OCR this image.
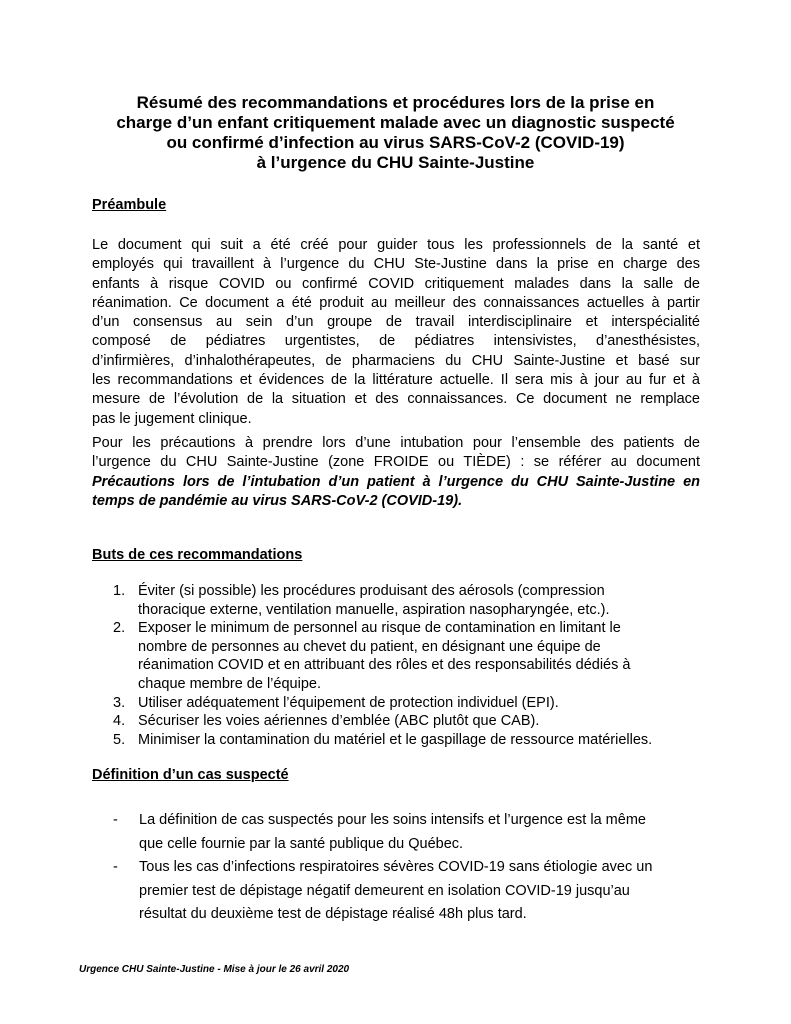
Résumé des recommandations et procédures lors de la prise en
charge d’un enfant critiquement malade avec un diagnostic suspecté
ou confirmé d’infection au virus SARS-CoV-2 (COVID-19)
à l’urgence du CHU Sainte-Justine
Préambule
Le document qui suit a été créé pour guider tous les professionnels de la santé et
employés qui travaillent à l’urgence du CHU Ste-Justine dans la prise en charge des
enfants à risque COVID ou confirmé COVID critiquement malades dans la salle de
réanimation. Ce document a été produit au meilleur des connaissances actuelles à partir
d’un consensus au sein d’un groupe de travail interdisciplinaire et interspécialité
composé de pédiatres urgentistes, de pédiatres intensivistes, d’anesthésistes,
d’infirmières, d’inhalothérapeutes, de pharmaciens du CHU Sainte-Justine et basé sur
les recommandations et évidences de la littérature actuelle. Il sera mis à jour au fur et à
mesure de l’évolution de la situation et des connaissances. Ce document ne remplace
pas le jugement clinique.
Pour les précautions à prendre lors d’une intubation pour l’ensemble des patients de
l’urgence du CHU Sainte-Justine (zone FROIDE ou TIÈDE) : se référer au document
Précautions lors de l’intubation d’un patient à l’urgence du CHU Sainte-Justine en
temps de pandémie au virus SARS-CoV-2 (COVID-19).
Buts de ces recommandations
1. Éviter (si possible) les procédures produisant des aérosols (compression
thoracique externe, ventilation manuelle, aspiration nasopharyngée, etc.).
2. Exposer le minimum de personnel au risque de contamination en limitant le
nombre de personnes au chevet du patient, en désignant une équipe de
réanimation COVID et en attribuant des rôles et des responsabilités dédiés à
chaque membre de l’équipe.
3. Utiliser adéquatement l’équipement de protection individuel (EPI).
4. Sécuriser les voies aériennes d’emblée (ABC plutôt que CAB).
5. Minimiser la contamination du matériel et le gaspillage de ressource matérielles.
Définition d’un cas suspecté
- La définition de cas suspectés pour les soins intensifs et l’urgence est la même
que celle fournie par la santé publique du Québec.
- Tous les cas d’infections respiratoires sévères COVID-19 sans étiologie avec un
premier test de dépistage négatif demeurent en isolation COVID-19 jusqu’au
résultat du deuxième test de dépistage réalisé 48h plus tard.
Urgence CHU Sainte-Justine - Mise à jour le 26 avril 2020
